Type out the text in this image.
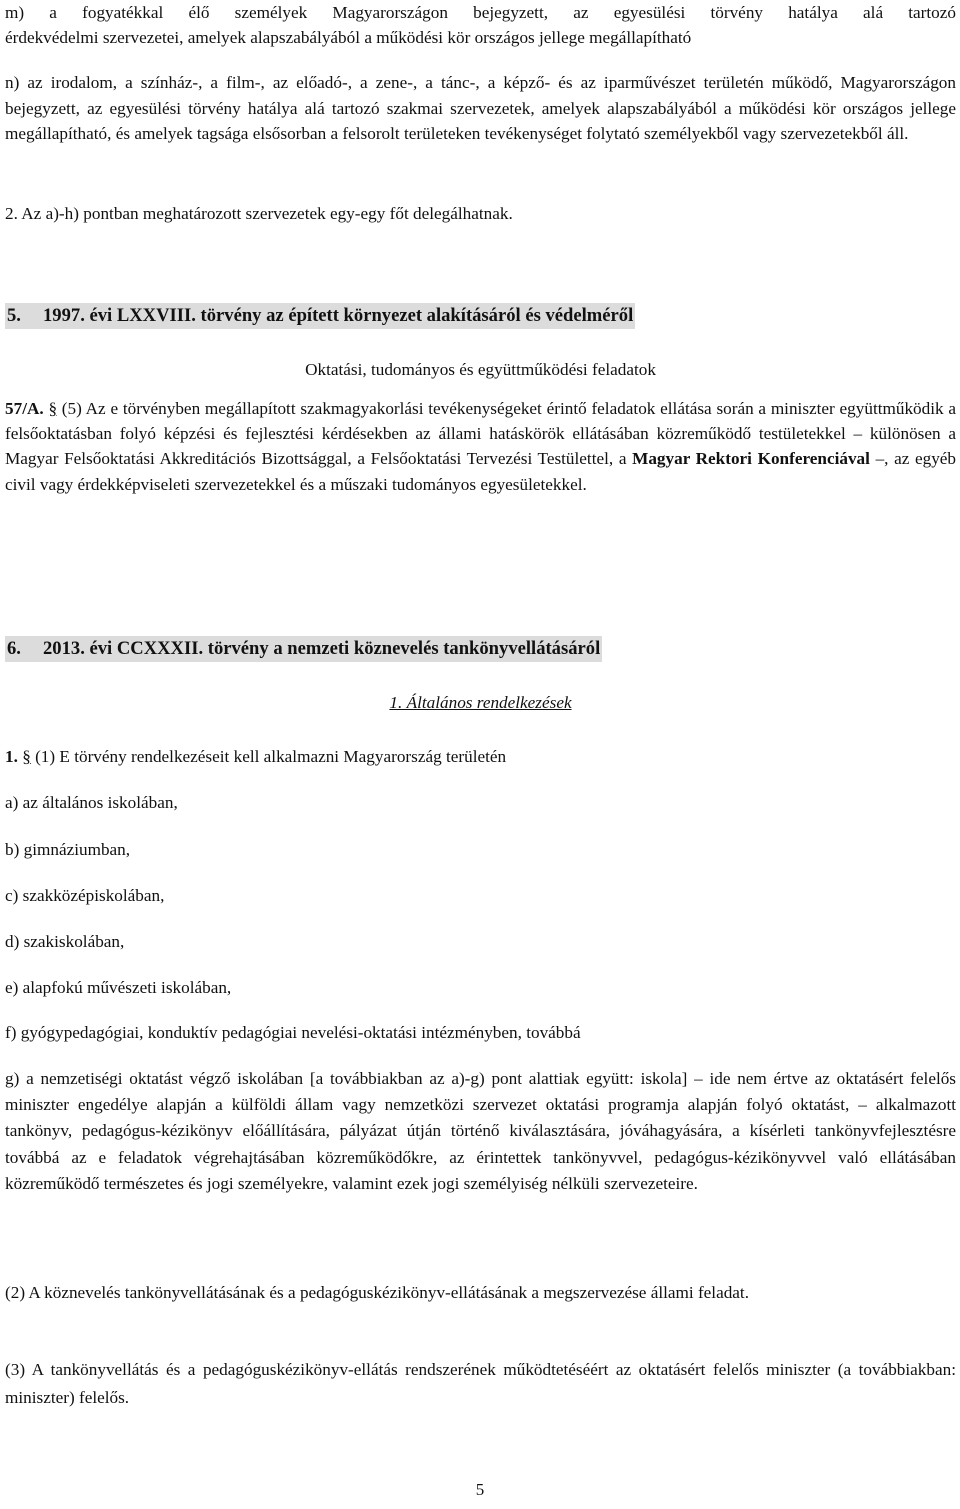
m) a fogyatékkal élő személyek Magyarországon bejegyzett, az egyesülési törvény hatálya alá tartozó

érdekvédelmi szervezetei, amelyek alapszabályából a működési kör országos jellege megállapítható

n) az irodalom, a színház-, a film-, az előadó-, a zene-, a tánc-, a képző- és az iparművészet területén működő, Magyarországon bejegyzett, az egyesülési törvény hatálya alá tartozó szakmai szervezetek, amelyek alapszabályából a működési kör országos jellege megállapítható, és amelyek tagsága elsősorban a felsorolt területeken tevékenységet folytató személyekből vagy szervezetekből áll.

2. Az a)-h) pontban meghatározott szervezetek egy-egy főt delegálhatnak.

5. 1997. évi LXXVIII. törvény az épített környezet alakításáról és védelméről

Oktatási, tudományos és együttműködési feladatok

57/A. § (5) Az e törvényben megállapított szakmagyakorlási tevékenységeket érintő feladatok ellátása során a miniszter együttműködik a felsőoktatásban folyó képzési és fejlesztési kérdésekben az állami hatáskörök ellátásában közreműködő testületekkel – különösen a Magyar Felsőoktatási Akkreditációs Bizottsággal, a Felsőoktatási Tervezési Testülettel, a Magyar Rektori Konferenciával –, az egyéb civil vagy érdekképviseleti szervezetekkel és a műszaki tudományos egyesületekkel.

6. 2013. évi CCXXXII. törvény a nemzeti köznevelés tankönyvellátásáról

1. Általános rendelkezések

1. § (1) E törvény rendelkezéseit kell alkalmazni Magyarország területén

a) az általános iskolában,

b) gimnáziumban,

c) szakközépiskolában,

d) szakiskolában,

e) alapfokú művészeti iskolában,

f) gyógypedagógiai, konduktív pedagógiai nevelési-oktatási intézményben, továbbá

g) a nemzetiségi oktatást végző iskolában [a továbbiakban az a)-g) pont alattiak együtt: iskola] – ide nem értve az oktatásért felelős miniszter engedélye alapján a külföldi állam vagy nemzetközi szervezet oktatási programja alapján folyó oktatást, – alkalmazott tankönyv, pedagógus-kézikönyv előállítására, pályázat útján történő kiválasztására, jóváhagyására, a kísérleti tankönyvfejlesztésre továbbá az e feladatok végrehajtásában közreműködőkre, az érintettek tankönyvvel, pedagógus-kézikönyvvel való ellátásában közreműködő természetes és jogi személyekre, valamint ezek jogi személyiség nélküli szervezeteire.

(2) A köznevelés tankönyvellátásának és a pedagóguskézikönyv-ellátásának a megszervezése állami feladat.

(3) A tankönyvellátás és a pedagóguskézikönyv-ellátás rendszerének működtetéséért az oktatásért felelős miniszter (a továbbiakban: miniszter) felelős.

5
